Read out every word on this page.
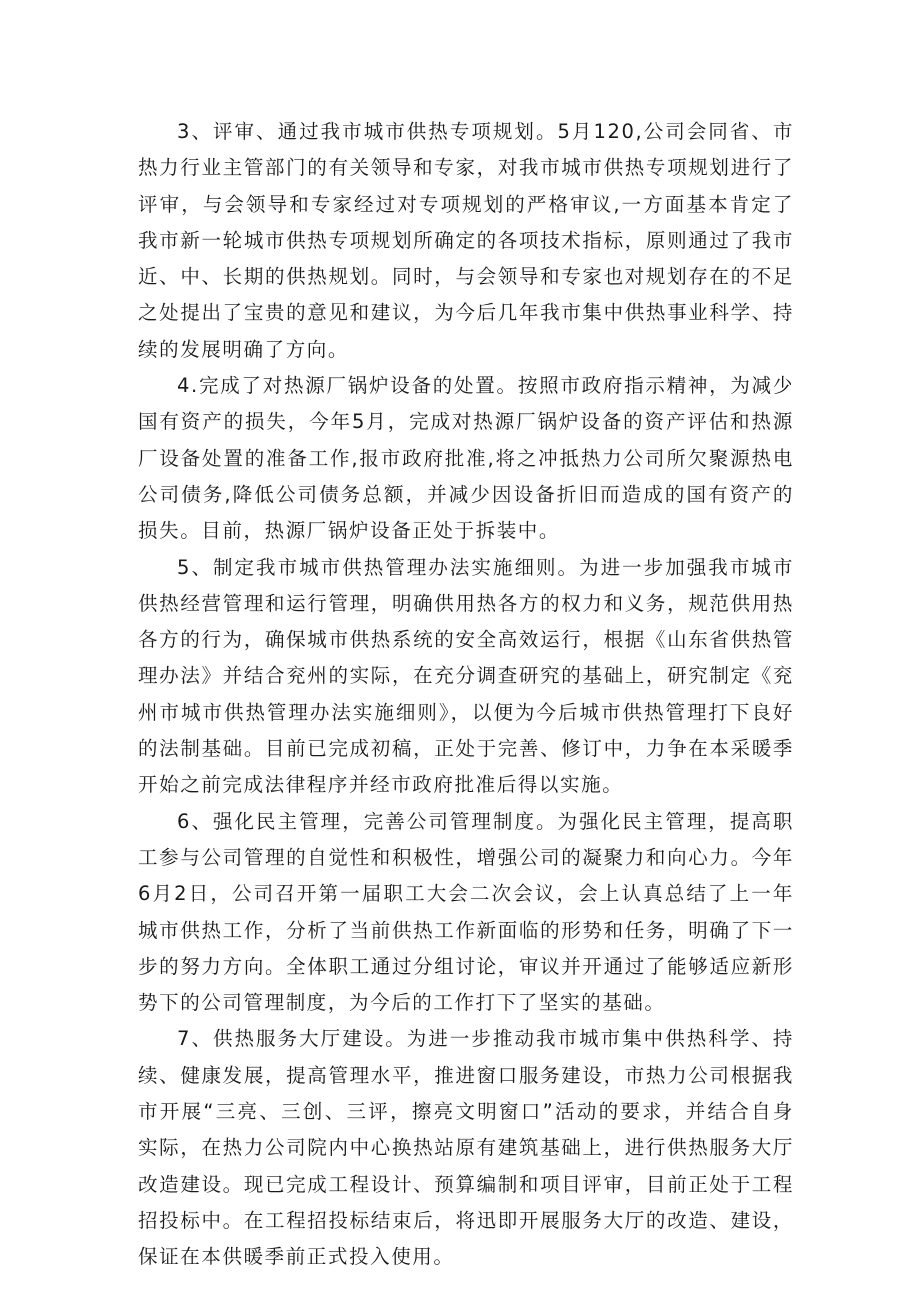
3、评审、通过我市城市供热专项规划。5月120,公司会同省、市热力行业主管部门的有关领导和专家，对我市城市供热专项规划进行了评审，与会领导和专家经过对专项规划的严格审议,一方面基本肯定了我市新一轮城市供热专项规划所确定的各项技术指标，原则通过了我市近、中、长期的供热规划。同时，与会领导和专家也对规划存在的不足之处提出了宝贵的意见和建议，为今后几年我市集中供热事业科学、持续的发展明确了方向。

4.完成了对热源厂锅炉设备的处置。按照市政府指示精神，为减少国有资产的损失，今年5月，完成对热源厂锅炉设备的资产评估和热源厂设备处置的准备工作,报市政府批准,将之冲抵热力公司所欠聚源热电公司债务,降低公司债务总额，并减少因设备折旧而造成的国有资产的损失。目前，热源厂锅炉设备正处于拆装中。

5、制定我市城市供热管理办法实施细则。为进一步加强我市城市供热经营管理和运行管理，明确供用热各方的权力和义务，规范供用热各方的行为，确保城市供热系统的安全高效运行，根据《山东省供热管理办法》并结合兖州的实际，在充分调查研究的基础上，研究制定《兖州市城市供热管理办法实施细则》，以便为今后城市供热管理打下良好的法制基础。目前已完成初稿，正处于完善、修订中，力争在本采暖季开始之前完成法律程序并经市政府批准后得以实施。

6、强化民主管理，完善公司管理制度。为强化民主管理，提高职工参与公司管理的自觉性和积极性，增强公司的凝聚力和向心力。今年6月2日，公司召开第一届职工大会二次会议，会上认真总结了上一年城市供热工作，分析了当前供热工作新面临的形势和任务，明确了下一步的努力方向。全体职工通过分组讨论，审议并开通过了能够适应新形势下的公司管理制度，为今后的工作打下了坚实的基础。

7、供热服务大厅建设。为进一步推动我市城市集中供热科学、持续、健康发展，提高管理水平，推进窗口服务建设，市热力公司根据我市开展“三亮、三创、三评，擦亮文明窗口”活动的要求，并结合自身实际，在热力公司院内中心换热站原有建筑基础上，进行供热服务大厅改造建设。现已完成工程设计、预算编制和项目评审，目前正处于工程招投标中。在工程招投标结束后，将迅即开展服务大厅的改造、建设，保证在本供暖季前正式投入使用。
